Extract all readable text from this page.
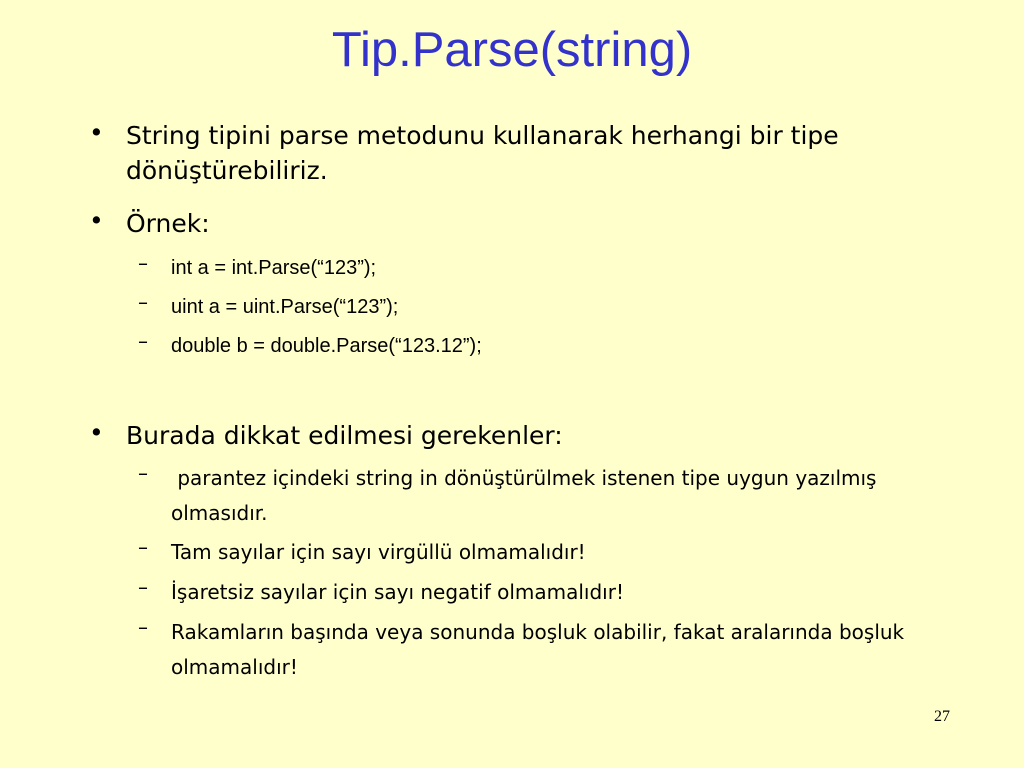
Tip.Parse(string)
• String tipini parse metodunu kullanarak herhangi bir tipe dönüştürebiliriz.
• Örnek:
– int a = int.Parse(“123”);
– uint a = uint.Parse(“123”);
– double b = double.Parse(“123.12”);
• Burada dikkat edilmesi gerekenler:
– parantez içindeki string in dönüştürülmek istenen tipe uygun yazılmış olmasıdır.
– Tam sayılar için sayı virgüllü olmamalıdır!
– İşaretsiz sayılar için sayı negatif olmamalıdır!
– Rakamların başında veya sonunda boşluk olabilir, fakat aralarında boşluk olmamalıdır!
27
